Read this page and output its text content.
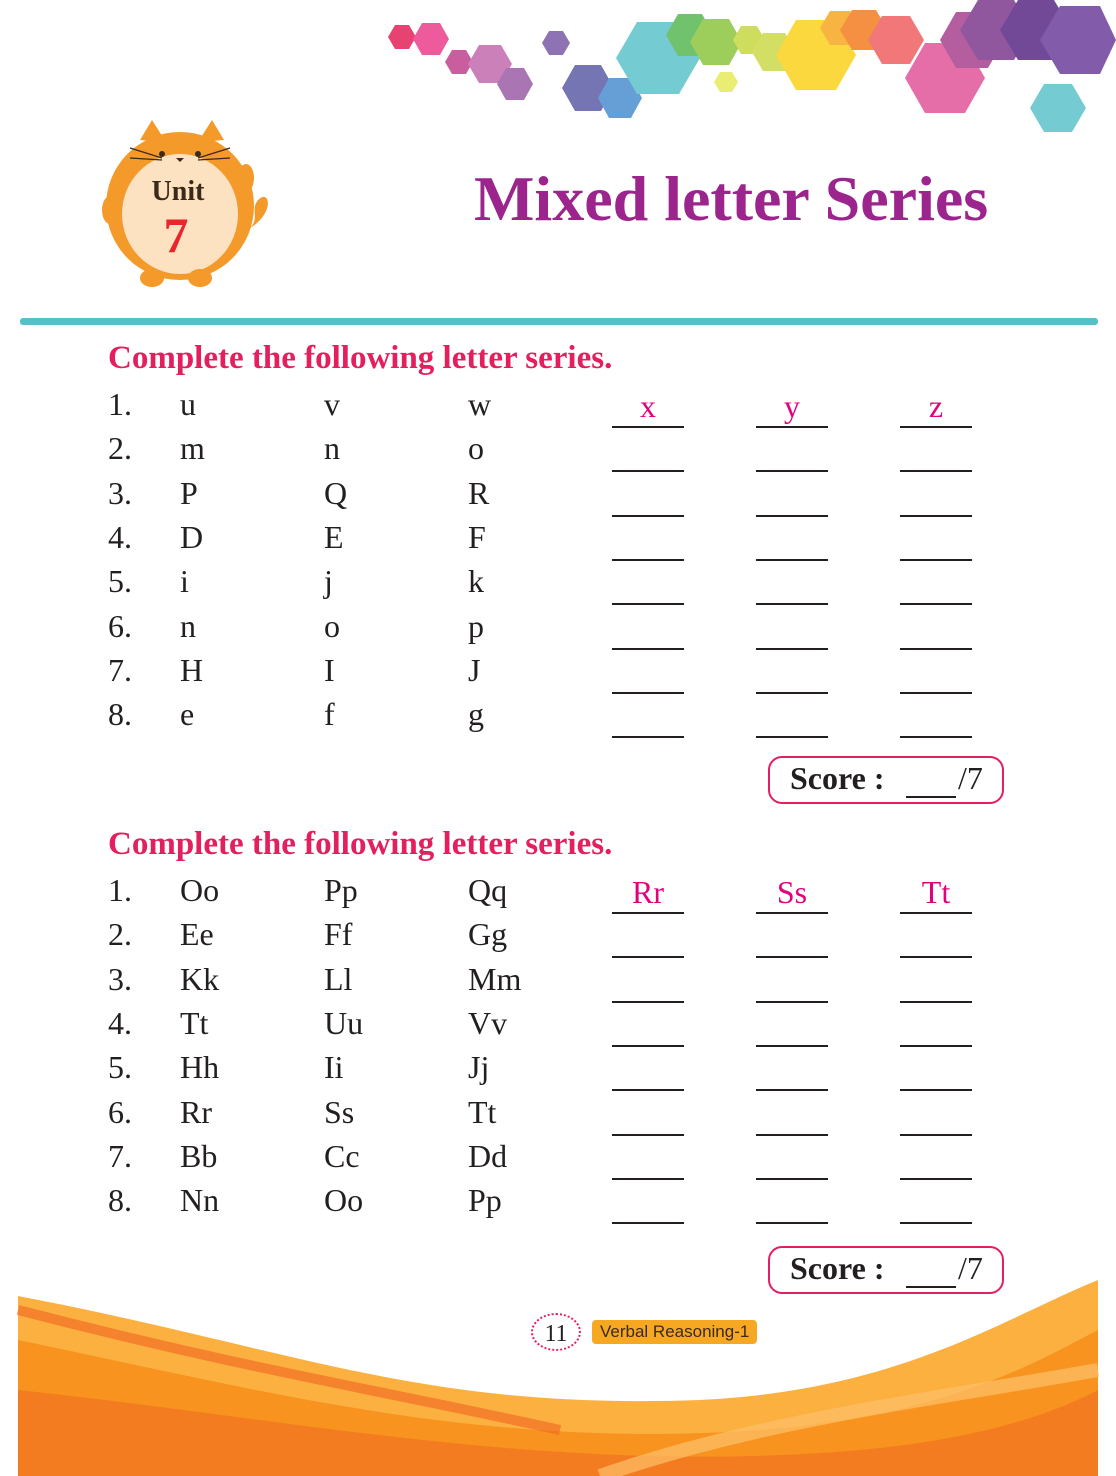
Unit
7
Mixed letter Series
Complete the following letter series.
1. u	v	w	x	y	z
2. m	n	o
3. P	Q	R
4. D	E	F
5. i	j	k
6. n	o	p
7. H	I	J
8. e	f	g
Score : /7
Complete the following letter series.
1. Oo	Pp	Qq	Rr	Ss	Tt
2. Ee	Ff	Gg
3. Kk	Ll	Mm
4. Tt	Uu	Vv
5. Hh	Ii	Jj
6. Rr	Ss	Tt
7. Bb	Cc	Dd
8. Nn	Oo	Pp
Score : /7
11	Verbal Reasoning-1
